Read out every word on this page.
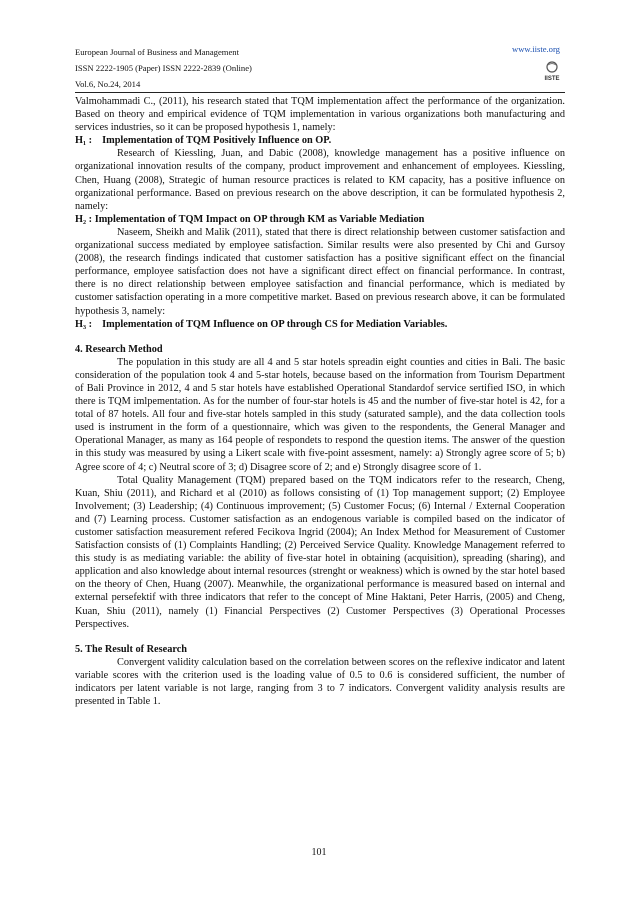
European Journal of Business and Management
ISSN 2222-1905 (Paper) ISSN 2222-2839 (Online)
Vol.6, No.24, 2014
www.iiste.org
IISTE

Valmohammadi C., (2011), his research stated that TQM implementation affect the performance of the organization. Based on theory and empirical evidence of TQM implementation in various organizations both manufacturing and services industries, so it can be proposed hypothesis 1, namely:

H₁ : Implementation of TQM Positively Influence on OP.

Research of Kiessling, Juan, and Dabic (2008), knowledge management has a positive influence on organizational innovation results of the company, product improvement and enhancement of employees. Kiessling, Chen, Huang (2008), Strategic of human resource practices is related to KM capacity, has a positive influence on organizational performance. Based on previous research on the above description, it can be formulated hypothesis 2, namely:

H₂ : Implementation of TQM Impact on OP through KM as Variable Mediation

Naseem, Sheikh and Malik (2011), stated that there is direct relationship between customer satisfaction and organizational success mediated by employee satisfaction. Similar results were also presented by Chi and Gursoy (2008), the research findings indicated that customer satisfaction has a positive significant effect on the financial performance, employee satisfaction does not have a significant direct effect on financial performance. In contrast, there is no direct relationship between employee satisfaction and financial performance, which is mediated by customer satisfaction operating in a more competitive market. Based on previous research above, it can be formulated hypothesis 3, namely:

H₃ : Implementation of TQM Influence on OP through CS for Mediation Variables.

4. Research Method

The population in this study are all 4 and 5 star hotels spreadin eight counties and cities in Bali. The basic consideration of the population took 4 and 5-star hotels, because based on the information from Tourism Department of Bali Province in 2012, 4 and 5 star hotels have established Operational Standardof service sertified ISO, in which there is TQM imlpementation. As for the number of four-star hotels is 45 and the number of five-star hotel is 42, for a total of 87 hotels. All four and five-star hotels sampled in this study (saturated sample), and the data collection tools used is instrument in the form of a questionnaire, which was given to the respondents, the General Manager and Operational Manager, as many as 164 people of respondets to respond the question items. The answer of the question in this study was measured by using a Likert scale with five-point assesment, namely: a) Strongly agree score of 5; b) Agree score of 4; c) Neutral score of 3; d) Disagree score of 2; and e) Strongly disagree score of 1.

Total Quality Management (TQM) prepared based on the TQM indicators refer to the research, Cheng, Kuan, Shiu (2011), and Richard et al (2010) as follows consisting of (1) Top management support; (2) Employee Involvement; (3) Leadership; (4) Continuous improvement; (5) Customer Focus; (6) Internal / External Cooperation and (7) Learning process. Customer satisfaction as an endogenous variable is compiled based on the indicator of customer satisfaction measurement refered Fecikova Ingrid (2004); An Index Method for Measurement of Customer Satisfaction consists of (1) Complaints Handling; (2) Perceived Service Quality. Knowledge Management referred to this study is as mediating variable: the ability of five-star hotel in obtaining (acquisition), spreading (sharing), and application and also knowledge about internal resources (strenght or weakness) which is owned by the star hotel based on the theory of Chen, Huang (2007). Meanwhile, the organizational performance is measured based on internal and external persefektif with three indicators that refer to the concept of Mine Haktani, Peter Harris, (2005) and Cheng, Kuan, Shiu (2011), namely (1) Financial Perspectives (2) Customer Perspectives (3) Operational Processes Perspectives.

5. The Result of Research

Convergent validity calculation based on the correlation between scores on the reflexive indicator and latent variable scores with the criterion used is the loading value of 0.5 to 0.6 is considered sufficient, the number of indicators per latent variable is not large, ranging from 3 to 7 indicators. Convergent validity analysis results are presented in Table 1.

101
